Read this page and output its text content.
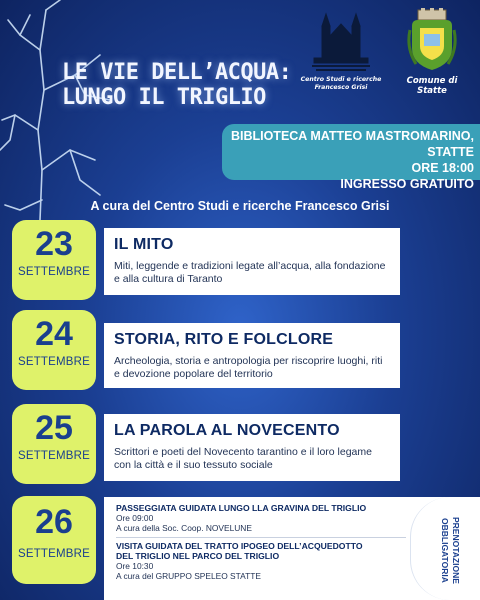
LE VIE DELL’ACQUA:
LUNGO IL TRIGLIO
Centro Studi e ricerche
Francesco Grisi
Comune di Statte
BIBLIOTECA MATTEO MASTROMARINO, STATTE
ORE 18:00
INGRESSO GRATUITO
A cura del Centro Studi e ricerche Francesco Grisi
23
SETTEMBRE
IL MITO
Miti, leggende e tradizioni legate all’acqua, alla fondazione e alla cultura di Taranto
24
SETTEMBRE
STORIA, RITO E FOLCLORE
Archeologia, storia e antropologia per riscoprire luoghi, riti e devozione popolare del territorio
25
SETTEMBRE
LA PAROLA AL NOVECENTO
Scrittori e poeti del Novecento tarantino e il loro legame con la città e il suo tessuto sociale
26
SETTEMBRE
PASSEGGIATA GUIDATA LUNGO LLA GRAVINA DEL TRIGLIO
Ore 09:00
A cura della Soc. Coop. NOVELUNE
VISITA GUIDATA DEL TRATTO IPOGEO DELL’ACQUEDOTTO
DEL TRIGLIO NEL PARCO DEL TRIGLIO
Ore 10:30
A cura del GRUPPO SPELEO STATTE	PRENOTAZIONE OBBLIGATORIA
